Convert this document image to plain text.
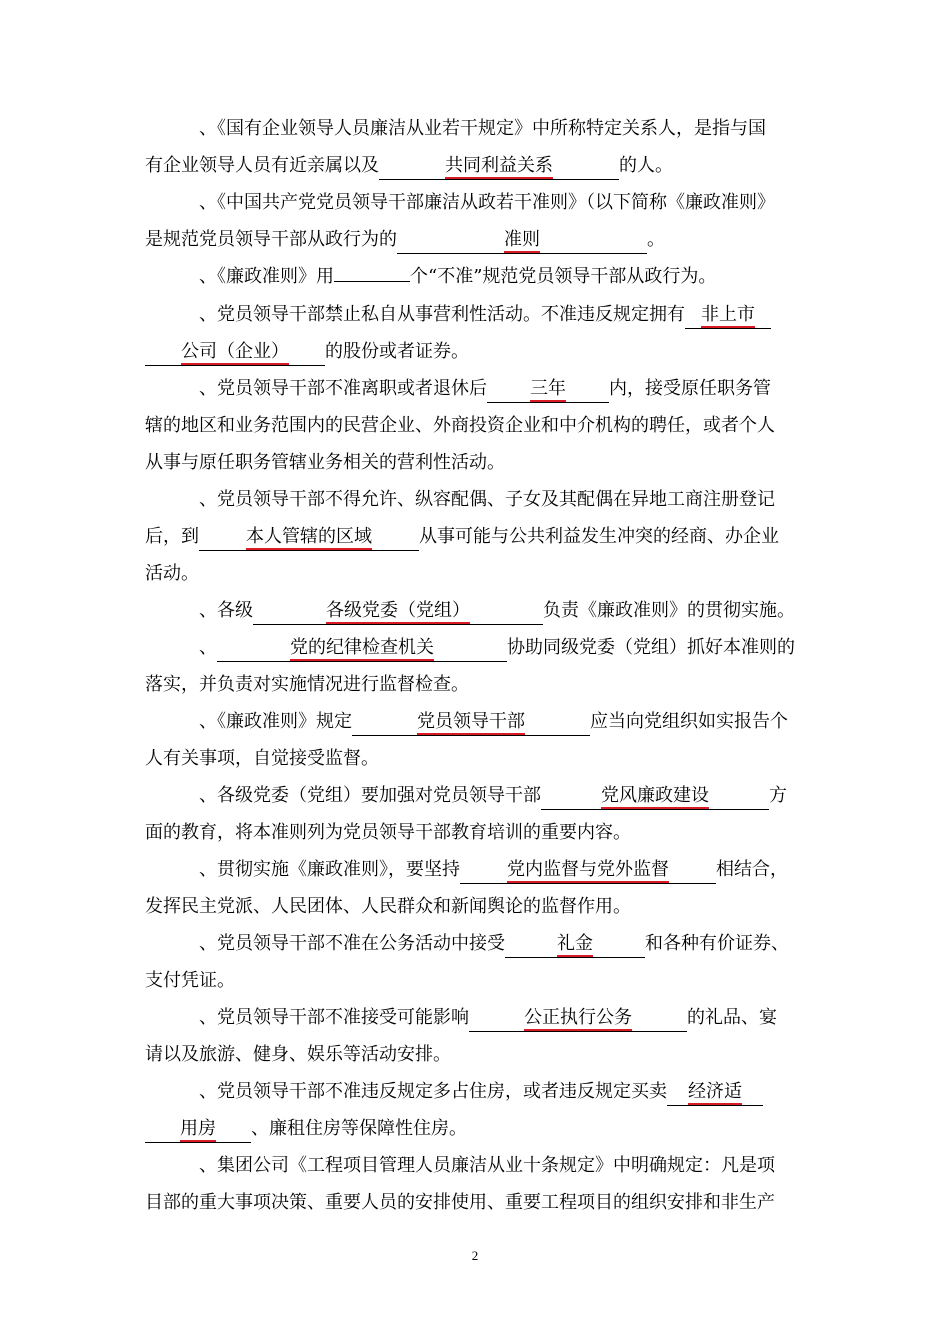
、《国有企业领导人员廉洁从业若干规定》中所称特定关系人，是指与国
有企业领导人员有近亲属以及	共同利益关系	的人。
、《中国共产党党员领导干部廉洁从政若干准则》（以下简称《廉政准则》
是规范党员领导干部从政行为的	准则	。
、《廉政准则》用	个“不准”规范党员领导干部从政行为。
、党员领导干部禁止私自从事营利性活动。不准违反规定拥有 非上市
公司（企业） 的股份或者证券。
、党员领导干部不准离职或者退休后 三年 内，接受原任职务管
辖的地区和业务范围内的民营企业、外商投资企业和中介机构的聘任，或者个人
从事与原任职务管辖业务相关的营利性活动。
、党员领导干部不得允许、纵容配偶、子女及其配偶在异地工商注册登记
后，到	本人管辖的区域	从事可能与公共利益发生冲突的经商、办企业
活动。
、各级	各级党委（党组）	负责《廉政准则》的贯彻实施。
、	党的纪律检查机关	协助同级党委（党组）抓好本准则的
落实，并负责对实施情况进行监督检查。
、《廉政准则》规定	党员领导干部	应当向党组织如实报告个
人有关事项，自觉接受监督。
、各级党委（党组）要加强对党员领导干部	党风廉政建设	方
面的教育，将本准则列为党员领导干部教育培训的重要内容。
、贯彻实施《廉政准则》，要坚持	党内监督与党外监督	相结合，
发挥民主党派、人民团体、人民群众和新闻舆论的监督作用。
、党员领导干部不准在公务活动中接受	礼金	和各种有价证券、
支付凭证。
、党员领导干部不准接受可能影响	公正执行公务	的礼品、宴
请以及旅游、健身、娱乐等活动安排。
、党员领导干部不准违反规定多占住房，或者违反规定买卖 经济适
用房 、廉租住房等保障性住房。
、集团公司《工程项目管理人员廉洁从业十条规定》中明确规定：凡是项
目部的重大事项决策、重要人员的安排使用、重要工程项目的组织安排和非生产
2
